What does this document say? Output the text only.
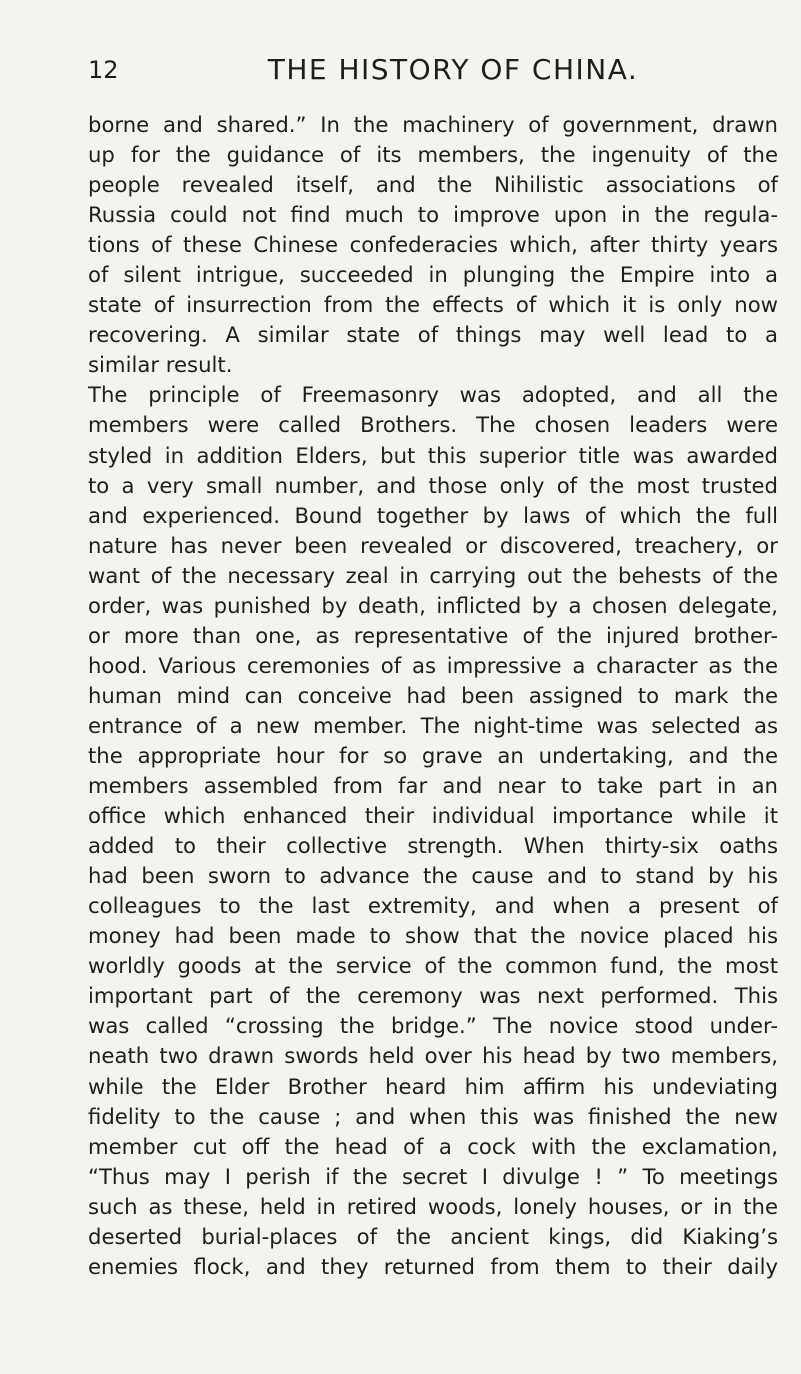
12	THE HISTORY OF CHINA.
borne and shared.” In the machinery of government, drawn
up for the guidance of its members, the ingenuity of the
people revealed itself, and the Nihilistic associations of
Russia could not find much to improve upon in the regula-
tions of these Chinese confederacies which, after thirty years
of silent intrigue, succeeded in plunging the Empire into a
state of insurrection from the effects of which it is only now
recovering. A similar state of things may well lead to a
similar result.
The principle of Freemasonry was adopted, and all the
members were called Brothers. The chosen leaders were
styled in addition Elders, but this superior title was awarded
to a very small number, and those only of the most trusted
and experienced. Bound together by laws of which the full
nature has never been revealed or discovered, treachery, or
want of the necessary zeal in carrying out the behests of the
order, was punished by death, inflicted by a chosen delegate,
or more than one, as representative of the injured brother-
hood. Various ceremonies of as impressive a character as the
human mind can conceive had been assigned to mark the
entrance of a new member. The night-time was selected as
the appropriate hour for so grave an undertaking, and the
members assembled from far and near to take part in an
office which enhanced their individual importance while it
added to their collective strength. When thirty-six oaths
had been sworn to advance the cause and to stand by his
colleagues to the last extremity, and when a present of
money had been made to show that the novice placed his
worldly goods at the service of the common fund, the most
important part of the ceremony was next performed. This
was called “crossing the bridge.” The novice stood under-
neath two drawn swords held over his head by two members,
while the Elder Brother heard him affirm his undeviating
fidelity to the cause ; and when this was finished the new
member cut off the head of a cock with the exclamation,
“Thus may I perish if the secret I divulge ! ” To meetings
such as these, held in retired woods, lonely houses, or in the
deserted burial-places of the ancient kings, did Kiaking’s
enemies flock, and they returned from them to their daily
